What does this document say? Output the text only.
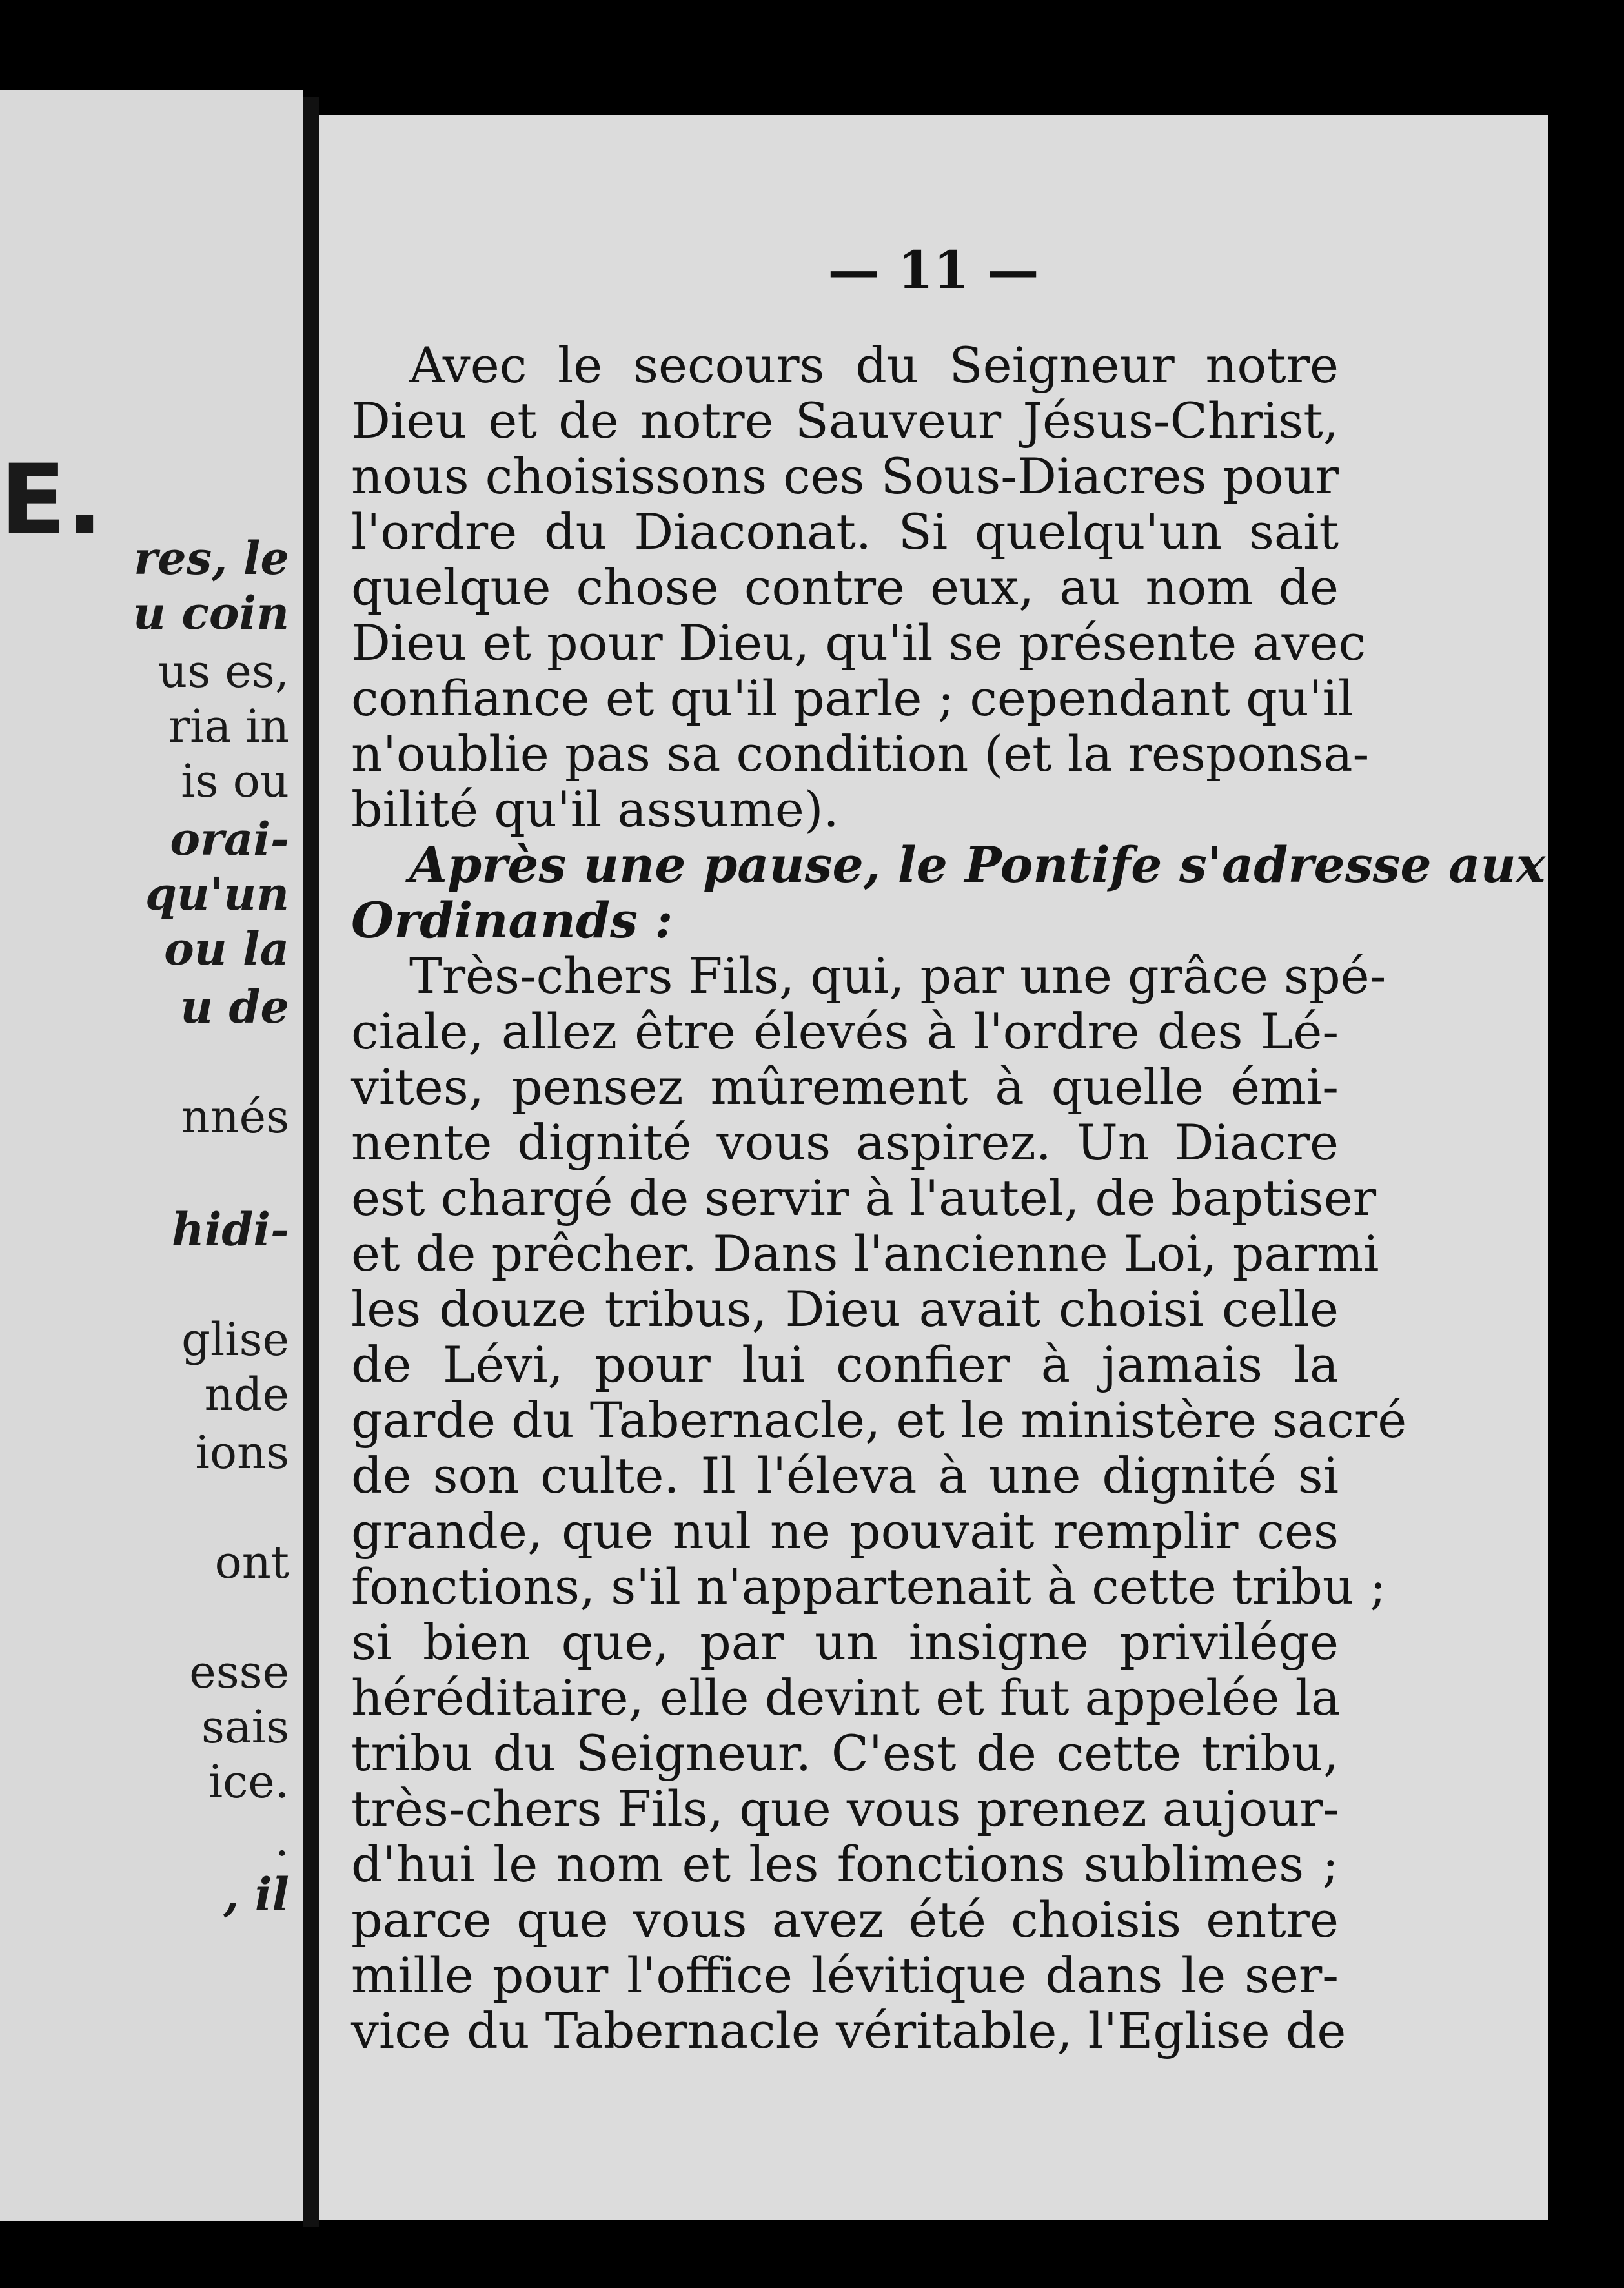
E.

res, le

u coin

us es,

ria in

is ou

orai-

qu'un

ou la

u de

nnés

hidi-

glise

nde

ions

ont

esse

sais

ice.

.

, il

— 11 —

Avec le secours du Seigneur notre
Dieu et de notre Sauveur Jésus-Christ,
nous choisissons ces Sous-Diacres pour
l'ordre du Diaconat. Si quelqu'un sait
quelque chose contre eux, au nom de
Dieu et pour Dieu, qu'il se présente avec
confiance et qu'il parle ; cependant qu'il
n'oublie pas sa condition (et la responsa-
bilité qu'il assume).
Après une pause, le Pontife s'adresse aux
Ordinands :
Très-chers Fils, qui, par une grâce spé-
ciale, allez être élevés à l'ordre des Lé-
vites, pensez mûrement à quelle émi-
nente dignité vous aspirez. Un Diacre
est chargé de servir à l'autel, de baptiser
et de prêcher. Dans l'ancienne Loi, parmi
les douze tribus, Dieu avait choisi celle
de Lévi, pour lui confier à jamais la
garde du Tabernacle, et le ministère sacré
de son culte. Il l'éleva à une dignité si
grande, que nul ne pouvait remplir ces
fonctions, s'il n'appartenait à cette tribu ;
si bien que, par un insigne privilége
héréditaire, elle devint et fut appelée la
tribu du Seigneur. C'est de cette tribu,
très-chers Fils, que vous prenez aujour-
d'hui le nom et les fonctions sublimes ;
parce que vous avez été choisis entre
mille pour l'office lévitique dans le ser-
vice du Tabernacle véritable, l'Eglise de
